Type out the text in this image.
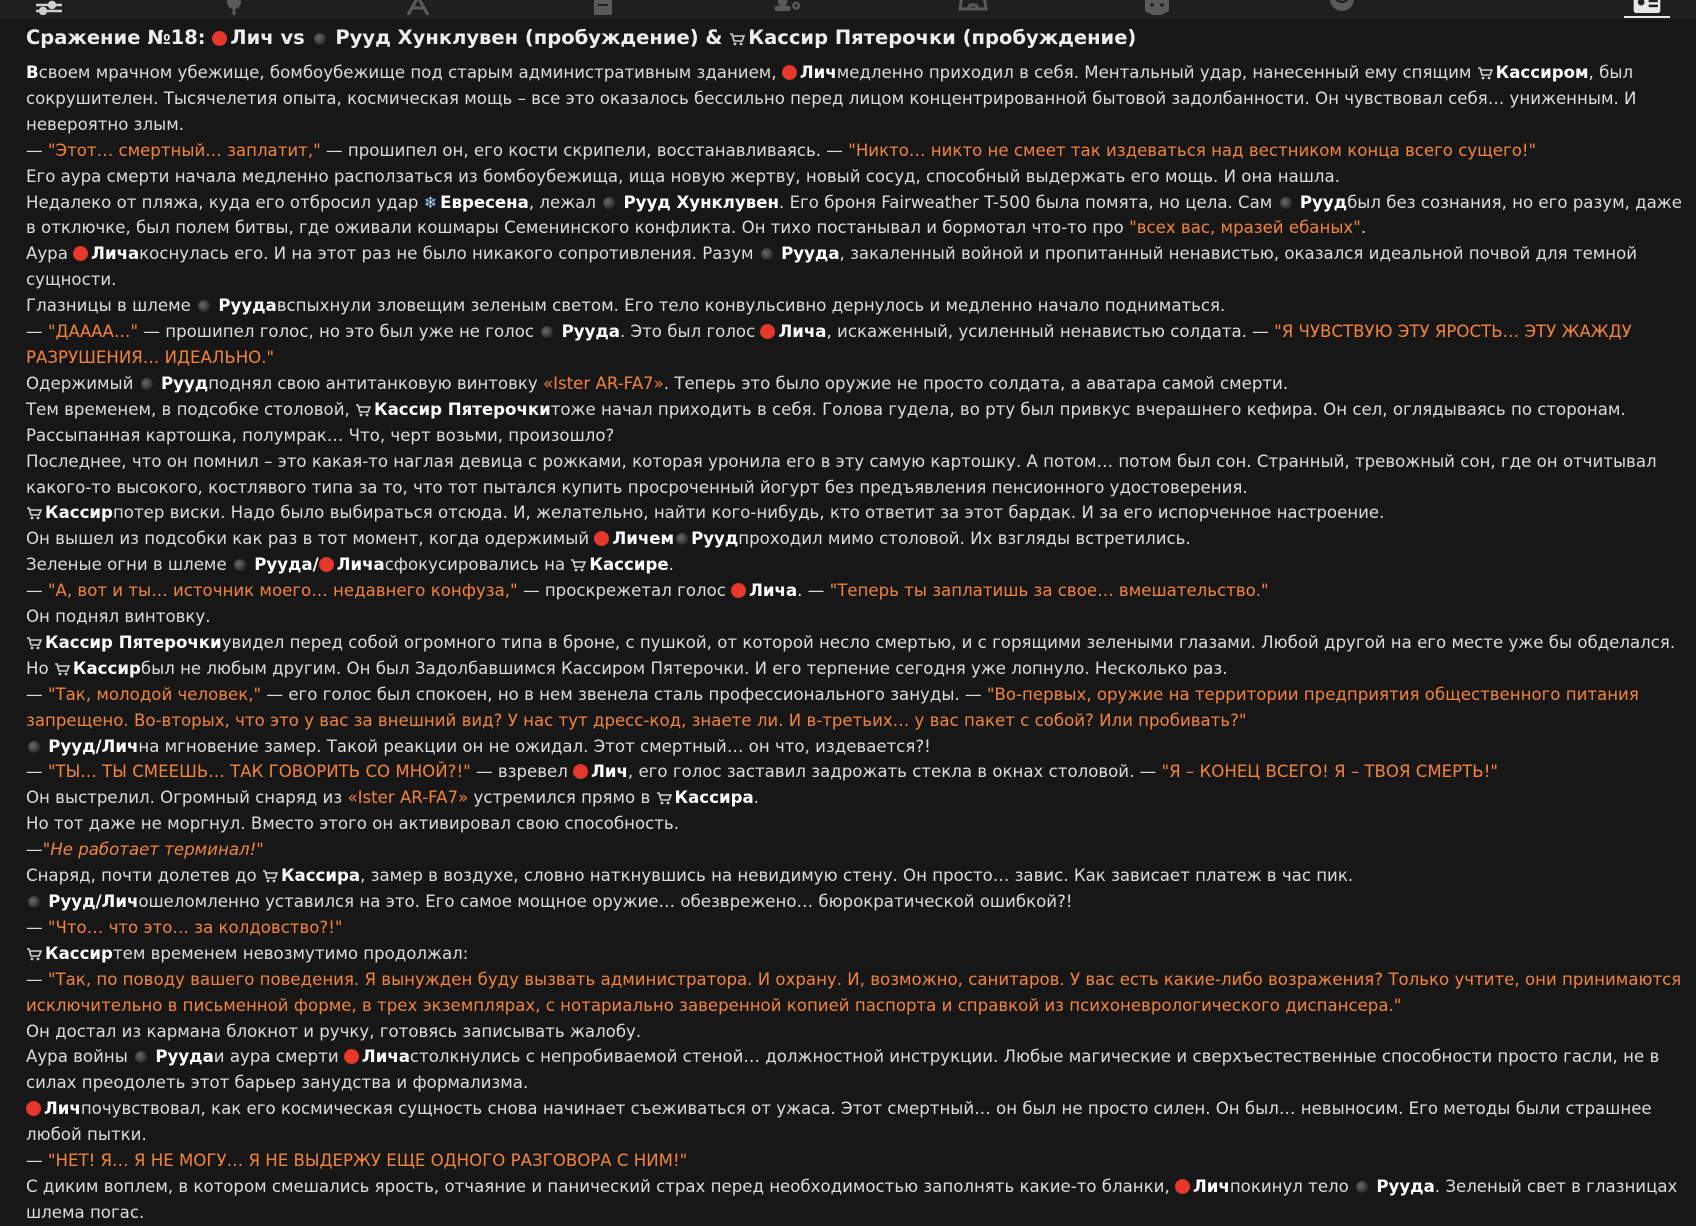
Сражение №18: Лич vs  Рууд Хунклувен (пробуждение) & Кассир Пятерочки (пробуждение)

Всвоем мрачном убежище, бомбоубежище под старым административным зданием, Личмедленно приходил в себя. Ментальный удар, нанесенный ему спящим Кассиром, был сокрушителен. Тысячелетия опыта, космическая мощь – все это оказалось бессильно перед лицом концентрированной бытовой задолбанности. Он чувствовал себя… униженным. И невероятно злым.

— "Этот… смертный… заплатит," — прошипел он, его кости скрипели, восстанавливаясь. — "Никто… никто не смеет так издеваться над вестником конца всего сущего!"

Его аура смерти начала медленно расползаться из бомбоубежища, ища новую жертву, новый сосуд, способный выдержать его мощь. И она нашла.

Недалеко от пляжа, куда его отбросил удар ❄ Евресена, лежал  Рууд Хунклувен. Его броня Fairweather T-500 была помята, но цела. Сам  Руудбыл без сознания, но его разум, даже в отключке, был полем битвы, где оживали кошмары Семенинского конфликта. Он тихо постанывал и бормотал что-то про "всех вас, мразей ебаных".

Аура Личакоснулась его. И на этот раз не было никакого сопротивления. Разум  Рууда, закаленный войной и пропитанный ненавистью, оказался идеальной почвой для темной сущности.

Глазницы в шлеме  Руудавспыхнули зловещим зеленым светом. Его тело конвульсивно дернулось и медленно начало подниматься.

— "ДАААА…" — прошипел голос, но это был уже не голос  Рууда. Это был голос Лича, искаженный, усиленный ненавистью солдата. — "Я ЧУВСТВУЮ ЭТУ ЯРОСТЬ… ЭТУ ЖАЖДУ РАЗРУШЕНИЯ… ИДЕАЛЬНО."

Одержимый  Руудподнял свою антитанковую винтовку «Ister AR-FA7». Теперь это было оружие не просто солдата, а аватара самой смерти.

Тем временем, в подсобке столовой, Кассир Пятерочкитоже начал приходить в себя. Голова гудела, во рту был привкус вчерашнего кефира. Он сел, оглядываясь по сторонам. Рассыпанная картошка, полумрак… Что, черт возьми, произошло?

Последнее, что он помнил – это какая-то наглая девица с рожками, которая уронила его в эту самую картошку. А потом… потом был сон. Странный, тревожный сон, где он отчитывал какого-то высокого, костлявого типа за то, что тот пытался купить просроченный йогурт без предъявления пенсионного удостоверения.

Кассирпотер виски. Надо было выбираться отсюда. И, желательно, найти кого-нибудь, кто ответит за этот бардак. И за его испорченное настроение.

Он вышел из подсобки как раз в тот момент, когда одержимый Личем Руудпроходил мимо столовой. Их взгляды встретились.

Зеленые огни в шлеме  Рууда/ Личасфокусировались на Кассире.

— "А, вот и ты… источник моего… недавнего конфуза," — проскрежетал голос Лича. — "Теперь ты заплатишь за свое… вмешательство."

Он поднял винтовку.

Кассир Пятерочкиувидел перед собой огромного типа в броне, с пушкой, от которой несло смертью, и с горящими зелеными глазами. Любой другой на его месте уже бы обделался. Но Кассирбыл не любым другим. Он был Задолбавшимся Кассиром Пятерочки. И его терпение сегодня уже лопнуло. Несколько раз.

— "Так, молодой человек," — его голос был спокоен, но в нем звенела сталь профессионального зануды. — "Во-первых, оружие на территории предприятия общественного питания запрещено. Во-вторых, что это у вас за внешний вид? У нас тут дресс-код, знаете ли. И в-третьих… у вас пакет с собой? Или пробивать?"

Рууд/Лична мгновение замер. Такой реакции он не ожидал. Этот смертный… он что, издевается?!

— "ТЫ… ТЫ СМЕЕШЬ… ТАК ГОВОРИТЬ СО МНОЙ?!" — взревел Лич, его голос заставил задрожать стекла в окнах столовой. — "Я – КОНЕЦ ВСЕГО! Я – ТВОЯ СМЕРТЬ!"

Он выстрелил. Огромный снаряд из «Ister AR-FA7» устремился прямо в Кассира.

Но тот даже не моргнул. Вместо этого он активировал свою способность.

—"Не работает терминал!"

Снаряд, почти долетев до Кассира, замер в воздухе, словно наткнувшись на невидимую стену. Он просто… завис. Как зависает платеж в час пик.

Рууд/Личошеломленно уставился на это. Его самое мощное оружие… обезврежено… бюрократической ошибкой?!

— "Что… что это… за колдовство?!"

Кассиртем временем невозмутимо продолжал:

— "Так, по поводу вашего поведения. Я вынужден буду вызвать администратора. И охрану. И, возможно, санитаров. У вас есть какие-либо возражения? Только учтите, они принимаются исключительно в письменной форме, в трех экземплярах, с нотариально заверенной копией паспорта и справкой из психоневрологического диспансера."

Он достал из кармана блокнот и ручку, готовясь записывать жалобу.

Аура войны  Руудаи аура смерти Личастолкнулись с непробиваемой стеной… должностной инструкции. Любые магические и сверхъестественные способности просто гасли, не в силах преодолеть этот барьер занудства и формализма.

Личпочувствовал, как его космическая сущность снова начинает съеживаться от ужаса. Этот смертный… он был не просто силен. Он был… невыносим. Его методы были страшнее любой пытки.

— "НЕТ! Я… Я НЕ МОГУ… Я НЕ ВЫДЕРЖУ ЕЩЕ ОДНОГО РАЗГОВОРА С НИМ!"

С диким воплем, в котором смешались ярость, отчаяние и панический страх перед необходимостью заполнять какие-то бланки, Личпокинул тело  Рууда. Зеленый свет в глазницах шлема погас.
